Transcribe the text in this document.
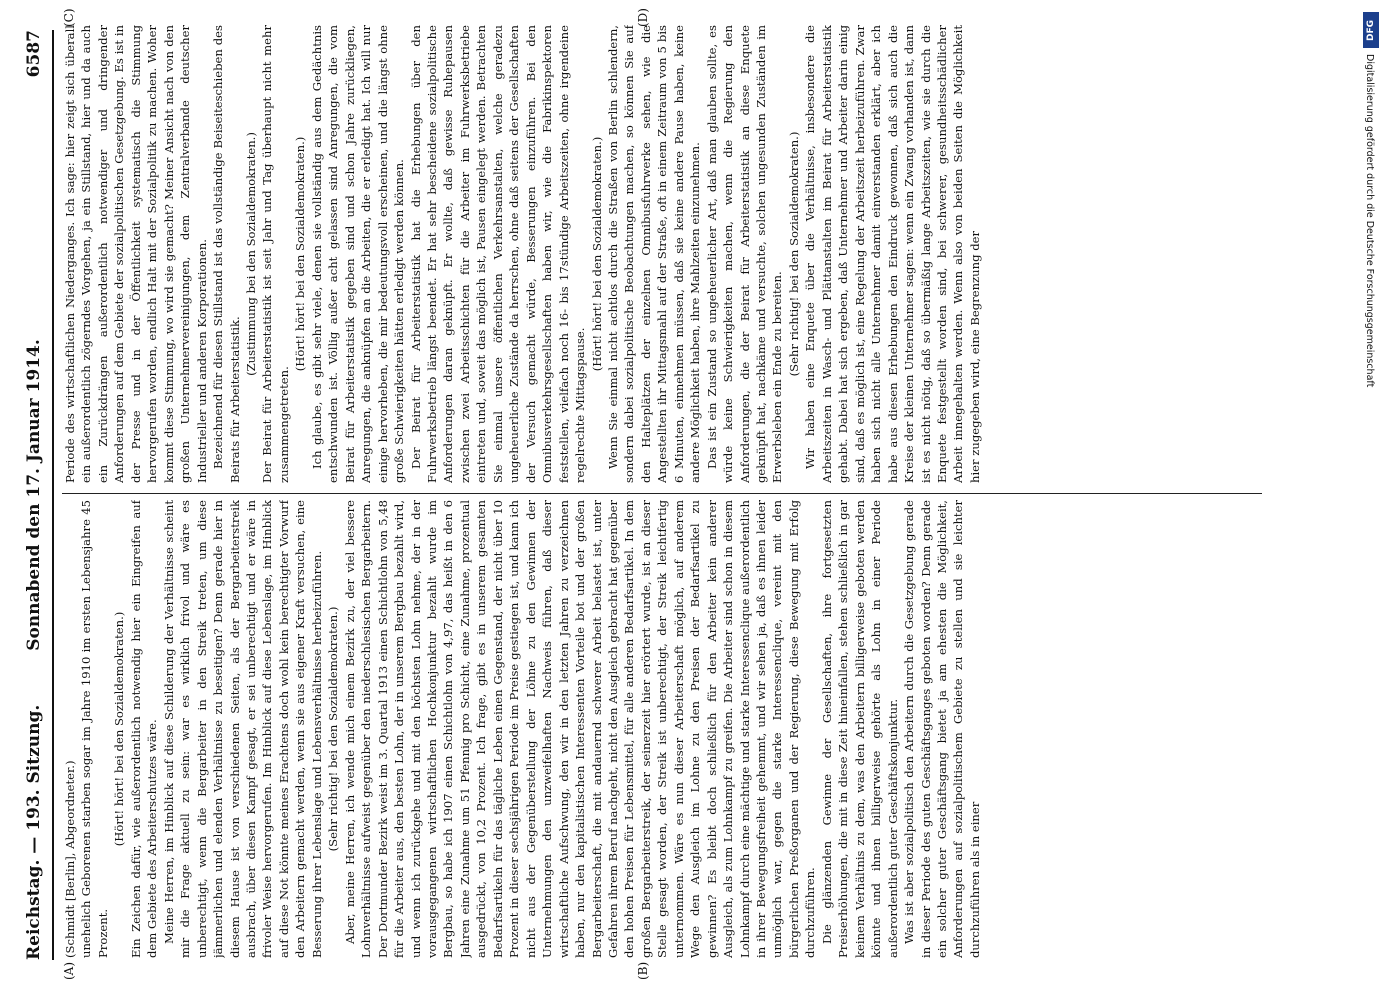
Reichstag. — 193. Sitzung.
Sonnabend den 17. Januar 1914.
6587
(A)	(B)
(C)	(D)

(Schmidt [Berlin], Abgeordneter.) unehelich Geborenen starben sogar im Jahre 1910 im ersten Lebensjahre 45 Prozent.

(Hört! hört! bei den Sozialdemokraten.) Ein Zeichen dafür, wie außerordentlich notwendig hier ein Eingreifen auf dem Gebiete des Arbeiterschutzes wäre. Meine Herren, im Hinblick auf diese Schilderung der Verhältnisse scheint mir die Frage aktuell zu sein: war es wirklich frivol und wäre es unberechtigt, wenn die Bergarbeiter in den Streik treten, um diese jämmerlichen und elenden Verhältnisse zu beseitigen? Denn gerade hier in diesem Hause ist von verschiedenen Seiten, als der Bergarbeiterstreik ausbrach, über diesen Kampf gesagt, er sei unberechtigt und er wäre in frivoler Weise hervorgerufen. Im Hinblick auf diese Lebenslage, im Hinblick auf diese Not könnte meines Erachtens doch wohl kein berechtigter Vorwurf den Arbeitern gemacht werden, wenn sie aus eigener Kraft versuchen, eine Besserung ihrer Lebenslage und Lebensverhältnisse herbeizuführen. (Sehr richtig! bei den Sozialdemokraten.) Aber, meine Herren, ich wende mich einem Bezirk zu, der viel bessere Lohnverhältnisse aufweist gegenüber den niederschlesischen Bergarbeitern. Der Dortmunder Bezirk weist im 3. Quartal 1913 einen Schichtlohn von 5,48 für die Arbeiter aus, den besten Lohn, der in unserem Bergbau bezahlt wird, und wenn ich zurückgehe und mit den höchsten Lohn nehme, der in der vorausgegangenen wirtschaftlichen Hochkonjunktur bezahlt wurde im Bergbau, so habe ich 1907 einen Schichtlohn von 4,97, das heißt in den 6 Jahren eine Zunahme um 51 Pfennig pro Schicht, eine Zunahme, prozentual ausgedrückt, von 10,2 Prozent. Ich frage, gibt es in unserem gesamten Bedarfsartikeln für das tägliche Leben einen Gegenstand, der nicht über 10 Prozent in dieser sechsjährigen Periode im Preise gestiegen ist, und kann ich nicht aus der Gegenüberstellung der Löhne zu den Gewinnen der Unternehmungen den unzweifelhaften Nachweis führen, daß dieser wirtschaftliche Aufschwung, den wir in den letzten Jahren zu verzeichnen haben, nur den kapitalistischen Interessenten Vorteile bot und der großen Bergarbeiterschaft, die mit andauernd schwerer Arbeit belastet ist, unter Gefahren ihrem Beruf nachgeht, nicht den Ausgleich gebracht hat gegenüber den hohen Preisen für Lebensmittel, für alle anderen Bedarfsartikel. In dem großen Bergarbeiterstreik, der seinerzeit hier erörtert wurde, ist an dieser Stelle gesagt worden, der Streik ist unberechtigt, der Streik leichtfertig unternommen. Wäre es nun dieser Arbeiterschaft möglich, auf anderem Wege den Ausgleich im Lohne zu den Preisen der Bedarfsartikel zu gewinnen? Es bleibt doch schließlich für den Arbeiter kein anderer Ausgleich, als zum Lohnkampf zu greifen. Die Arbeiter sind schon in diesem Lohnkampf durch eine mächtige und starke Interessenclique außerordentlich in ihrer Bewegungsfreiheit gehemmt, und wir sehen ja, daß es ihnen leider unmöglich war, gegen die starke Interessenclique, vereint mit den bürgerlichen Preßorganen und der Regierung, diese Bewegung mit Erfolg durchzuführen. Die glänzenden Gewinne der Gesellschaften, ihre fortgesetzten Preiserhöhungen, die mit in diese Zeit hineinfallen, stehen schließlich in gar keinem Verhältnis zu dem, was den Arbeitern billigerweise geboten werden könnte und ihnen billigerweise gehörte als Lohn in einer Periode außerordentlich guter Geschäftskonjunktur. Was ist aber sozialpolitisch den Arbeitern durch die Gesetzgebung gerade in dieser Periode des guten Geschäftsganges geboten worden? Denn gerade ein solcher guter Geschäftsgang bietet ja am ehesten die Möglichkeit, Anforderungen auf sozialpolitischem Gebiete zu stellen und sie leichter durchzuführen als in einer

Periode des wirtschaftlichen Niederganges. Ich sage: hier zeigt sich überall ein außerordentlich zögerndes Vorgehen, ja ein Stillstand, hier und da auch ein Zurückdrängen außerordentlich notwendiger und dringender Anforderungen auf dem Gebiete der sozialpolitischen Gesetzgebung. Es ist in der Presse und in der Öffentlichkeit systematisch die Stimmung hervorgerufen worden, endlich Halt mit der Sozialpolitik zu machen. Woher kommt diese Stimmung, wo wird sie gemacht? Meiner Ansicht nach von den großen Unternehmervereinigungen, dem Zentralverbande deutscher Industrieller und anderen Korporationen. Bezeichnend für diesen Stillstand ist das vollständige Beiseiteschieben des Beirats für Arbeiterstatistik.

(Zustimmung bei den Sozialdemokraten.) Der Beirat für Arbeiterstatistik ist seit Jahr und Tag überhaupt nicht mehr zusammengetreten.

(Hört! hört! bei den Sozialdemokraten.) Ich glaube, es gibt sehr viele, denen sie vollständig aus dem Gedächtnis entschwunden ist. Völlig außer acht gelassen sind Anregungen, die vom Beirat für Arbeiterstatistik gegeben sind und schon Jahre zurückliegen, Anregungen, die anknüpfen an die Arbeiten, die er erledigt hat. Ich will nur einige hervorheben, die mir bedeutungsvoll erscheinen, und die längst ohne große Schwierigkeiten hätten erledigt werden können. Der Beirat für Arbeiterstatistik hat die Erhebungen über den Fuhrwerksbetrieb längst beendet. Er hat sehr bescheidene sozialpolitische Anforderungen daran geknüpft. Er wollte, daß gewisse Ruhepausen zwischen zwei Arbeitsschichten für die Arbeiter im Fuhrwerksbetriebe eintreten und, soweit das möglich ist, Pausen eingelegt werden. Betrachten Sie einmal unsere öffentlichen Verkehrsanstalten, welche geradezu ungeheuerliche Zustände da herrschen, ohne daß seitens der Gesellschaften der Versuch gemacht würde, Besserungen einzuführen. Bei den Omnibusverkehrsgesellschaften haben wir, wie die Fabrikinspektoren feststellen, vielfach noch 16- bis 17stündige Arbeitszeiten, ohne irgendeine regelrechte Mittagspause.

(Hört! hört! bei den Sozialdemokraten.) Wenn Sie einmal nicht achtlos durch die Straßen von Berlin schlendern, sondern dabei sozialpolitische Beobachtungen machen, so können Sie auf den Halteplätzen der einzelnen Omnibusfuhrwerke sehen, wie die Angestellten ihr Mittagsmahl auf der Straße, oft in einem Zeitraum von 5 bis 6 Minuten, einnehmen müssen, daß sie keine andere Pause haben, keine andere Möglichkeit haben, ihre Mahlzeiten einzunehmen. Das ist ein Zustand so ungeheuerlicher Art, daß man glauben sollte, es würde keine Schwierigkeiten machen, wenn die Regierung den Anforderungen, die der Beirat für Arbeiterstatistik an diese Enquete geknüpft hat, nachkäme und versuchte, solchen ungesunden Zuständen im Erwerbsleben ein Ende zu bereiten.

(Sehr richtig! bei den Sozialdemokraten.) Wir haben eine Enquete über die Verhältnisse, insbesondere die Arbeitszeiten in Wasch- und Plättanstalten im Beirat für Arbeiterstatistik gehabt. Dabei hat sich ergeben, daß Unternehmer und Arbeiter darin einig sind, daß es möglich ist, eine Regelung der Arbeitszeit herbeizuführen. Zwar haben sich nicht alle Unternehmer damit einverstanden erklärt, aber ich habe aus diesen Erhebungen den Eindruck gewonnen, daß sich auch die Kreise der kleinen Unternehmer sagen: wenn ein Zwang vorhanden ist, dann ist es nicht nötig, daß so übermäßig lange Arbeitszeiten, wie sie durch die Enquete festgestellt worden sind, bei schwerer, gesundheitsschädlicher Arbeit innegehalten werden. Wenn also von beiden Seiten die Möglichkeit hier zugegeben wird, eine Begrenzung der

DFG
Digitalisierung gefördert durch die Deutsche Forschungsgemeinschaft
